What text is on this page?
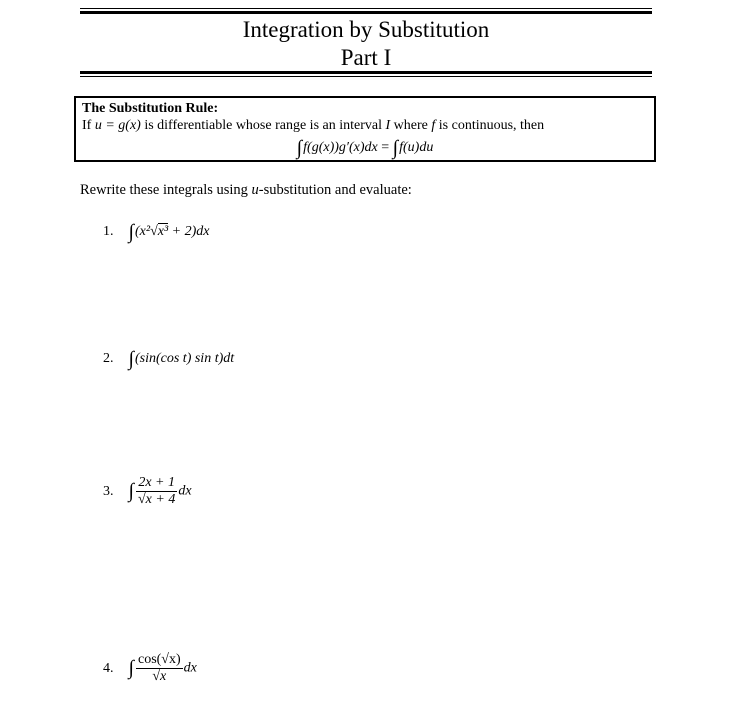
Integration by Substitution
Part I
The Substitution Rule:
If u = g(x) is differentiable whose range is an interval I where f is continuous, then
∫f(g(x))g′(x)dx = ∫f(u)du
Rewrite these integrals using u-substitution and evaluate:
1. ∫(x²√x³ + 2)dx
2. ∫(sin(cos t) sin t)dt
3. ∫ $\frac{2x + 1}{√x + 4}$ dx
4. ∫ $\frac{\cos(√x)}{√x}$ dx
